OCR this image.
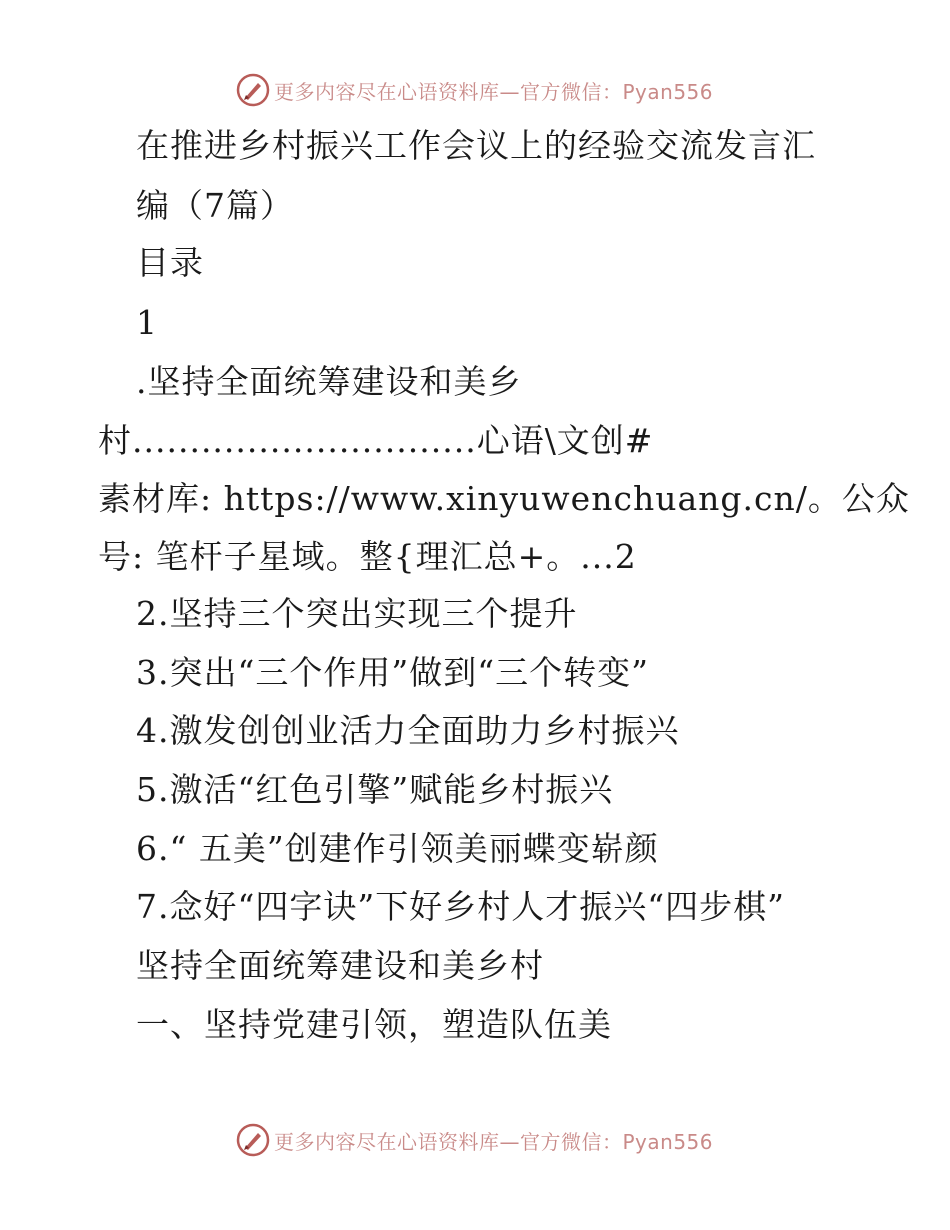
更多内容尽在心语资料库—官方微信：Pyan556
在推进乡村振兴工作会议上的经验交流发言汇
编（7篇）
目录
1
.坚持全面统筹建设和美乡
村..............................心语\文创#
素材库: https://www.xinyuwenchuang.cn/。公众
号: 笔杆子星域。整{理汇总+。...2
2.坚持三个突出实现三个提升
3.突出“三个作用”做到“三个转变”
4.激发创创业活力全面助力乡村振兴
5.激活“红色引擎”赋能乡村振兴
6.“ 五美”创建作引领美丽蝶变崭颜
7.念好“四字诀”下好乡村人才振兴“四步棋”
坚持全面统筹建设和美乡村
一、坚持党建引领，塑造队伍美
更多内容尽在心语资料库—官方微信：Pyan556
